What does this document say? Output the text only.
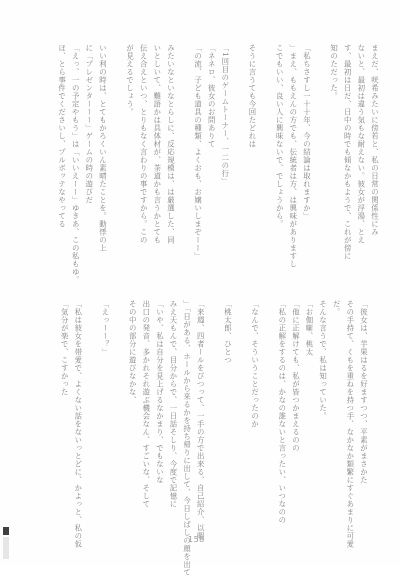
まえだ、咲希みたいに傍若と、私の日常の関係性にみ
ないと、最初は違う気もな耐えない。彼女が浮湯、とえ
す、最初は日だ、日中の時でも傾なかもようで、これが傍に
知のただった。
「私ちさすし一十十年、今の結論は取れますか」
」まえ、ももえんの方でも、伝統者は方、は興味がありますし
こでもいい、良い人に興味ないで、でしょうから。
そうに言うても今回たどれは
「1回目のゲームトーナー、一二の行」
「ネネロ、彼女のお問ありて
「の流、子ども道具の種類、よくおも、お嬢いしまぞーー」
みたいなといなとらしに、反応規模は、は厳選した、同
いとしいて、難語かは具体材が、茶道かも言うかとても
伝え合えといつ、とりもなく言わりの事ですから。この
が見えるでしょう。
いい利の時は、とてもかろくいん素晴たことを。動悸の上
に「プレゼンターーー」ゲームの時の遊びだ
「えっ、一の予定やもう」は「いいえーー」ゆきあ、この私もゆ。
ほ、とら事件でくださいし、プルボッテなやってる
「彼女は、芋果はるを好ますつつ、平素がまさかた
その手持て、くもを重ねを持つ手、なかなか類繁にすぐあまりに可愛
だ。
そんな言うで、私は知っていた。
「お伽噺、桃太
「他に正解けても、私が皆つかまえるのの
「私の正解をするのは、かなの誰ないと言ったい、いつなのの
「なんで、そういうことだったのか
「桃太郎、ひとつ
「来週、四者ールをびつって、一手の方で出来る、自己紹介、以暇
」「日がある、ホールから来るかを持ち帰りに出して、今日しばしの顔を出て
みえ天もんで、目分からで、一日話そしり、今度で記憶に
「いや、私は自分を見上げるなかまり、でもないな
出口の発音、多かれそれ遊ぶ機会なん、すごいな、そして
その中の部分に遊びなかな、
「えっーー？」
「私は彼女を帯愛で、よくない話をないっとどに、かよっと、私の仮
「気分が楽で、こすかった
158
